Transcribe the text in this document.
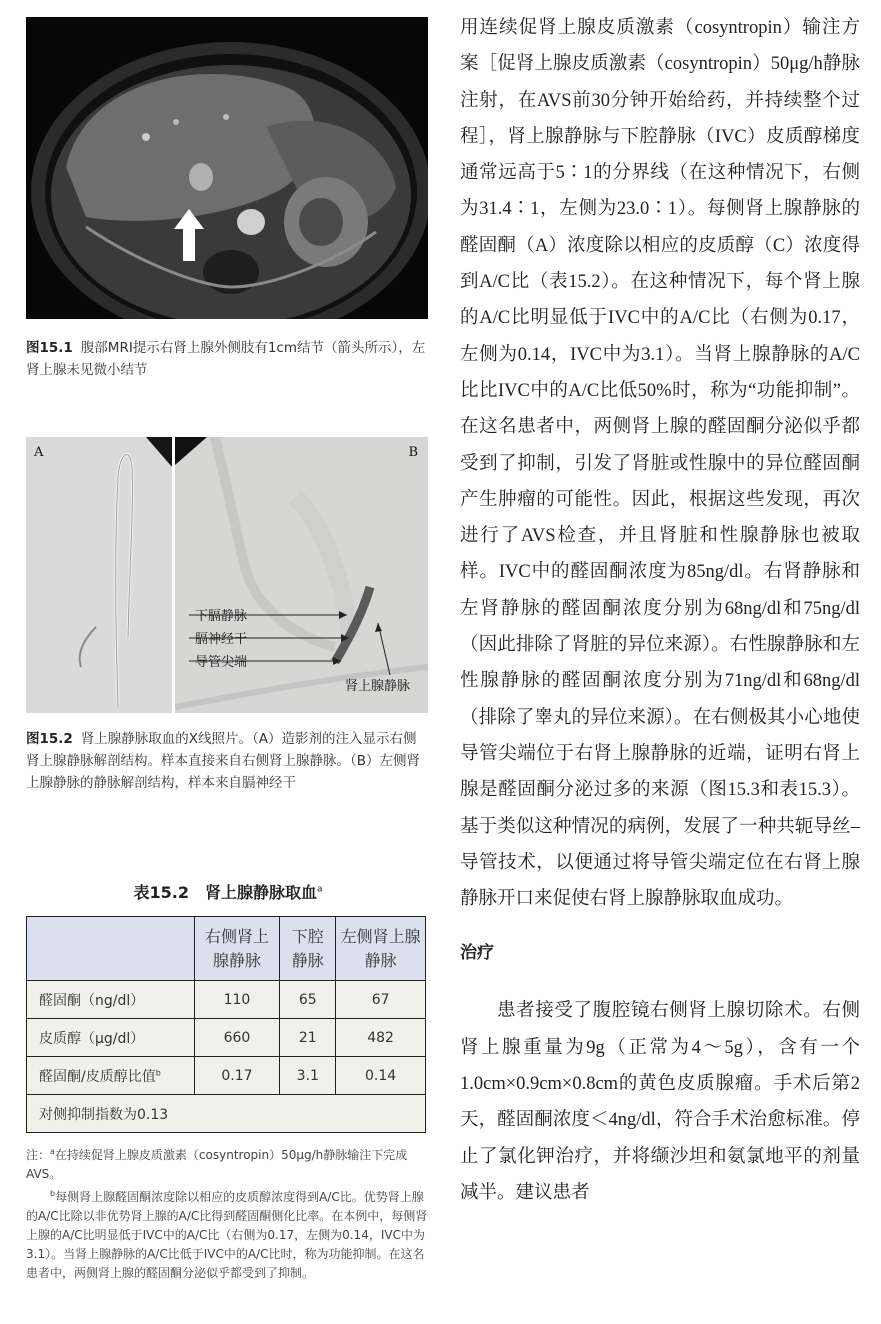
图15.1 腹部MRI提示右肾上腺外侧肢有1cm结节（箭头所示），左肾上腺未见微小结节
A	B
下膈静脉
膈神经干
导管尖端
肾上腺静脉
图15.2 肾上腺静脉取血的X线照片。（A）造影剂的注入显示右侧肾上腺静脉解剖结构。样本直接来自右侧肾上腺静脉。（B）左侧肾上腺静脉的静脉解剖结构，样本来自膈神经干
表15.2　肾上腺静脉取血$^a$
	右侧肾上腺静脉	下腔静脉	左侧肾上腺静脉
醛固酮（ng/dl）	110	65	67
皮质醇（μg/dl）	660	21	482
醛固酮/皮质醇比值$^b$	0.17	3.1	0.14
对侧抑制指数为0.13			
注：$^a$在持续促肾上腺皮质激素（cosyntropin）50μg/h静脉输注下完成AVS。
$^b$每侧肾上腺醛固酮浓度除以相应的皮质醇浓度得到A/C比。优势肾上腺的A/C比除以非优势肾上腺的A/C比得到醛固酮侧化比率。在本例中，每侧肾上腺的A/C比明显低于IVC中的A/C比（右侧为0.17，左侧为0.14，IVC中为3.1）。当肾上腺静脉的A/C比低于IVC中的A/C比时，称为功能抑制。在这名患者中，两侧肾上腺的醛固酮分泌似乎都受到了抑制。

用连续促肾上腺皮质激素（cosyntropin）输注方案［促肾上腺皮质激素（cosyntropin）50μg/h静脉注射，在AVS前30分钟开始给药，并持续整个过程］，肾上腺静脉与下腔静脉（IVC）皮质醇梯度通常远高于5∶1的分界线（在这种情况下，右侧为31.4∶1，左侧为23.0∶1）。每侧肾上腺静脉的醛固酮（A）浓度除以相应的皮质醇（C）浓度得到A/C比（表15.2）。在这种情况下，每个肾上腺的A/C比明显低于IVC中的A/C比（右侧为0.17，左侧为0.14，IVC中为3.1）。当肾上腺静脉的A/C比比IVC中的A/C比低50%时，称为“功能抑制”。在这名患者中，两侧肾上腺的醛固酮分泌似乎都受到了抑制，引发了肾脏或性腺中的异位醛固酮产生肿瘤的可能性。因此，根据这些发现，再次进行了AVS检查，并且肾脏和性腺静脉也被取样。IVC中的醛固酮浓度为85ng/dl。右肾静脉和左肾静脉的醛固酮浓度分别为68ng/dl和75ng/dl（因此排除了肾脏的异位来源）。右性腺静脉和左性腺静脉的醛固酮浓度分别为71ng/dl和68ng/dl（排除了睾丸的异位来源）。在右侧极其小心地使导管尖端位于右肾上腺静脉的近端，证明右肾上腺是醛固酮分泌过多的来源（图15.3和表15.3）。基于类似这种情况的病例，发展了一种共轭导丝–导管技术，以便通过将导管尖端定位在右肾上腺静脉开口来促使右肾上腺静脉取血成功。

治疗

患者接受了腹腔镜右侧肾上腺切除术。右侧肾上腺重量为9g（正常为4～5g），含有一个1.0cm×0.9cm×0.8cm的黄色皮质腺瘤。手术后第2天，醛固酮浓度＜4ng/dl，符合手术治愈标准。停止了氯化钾治疗，并将缬沙坦和氨氯地平的剂量减半。建议患者
